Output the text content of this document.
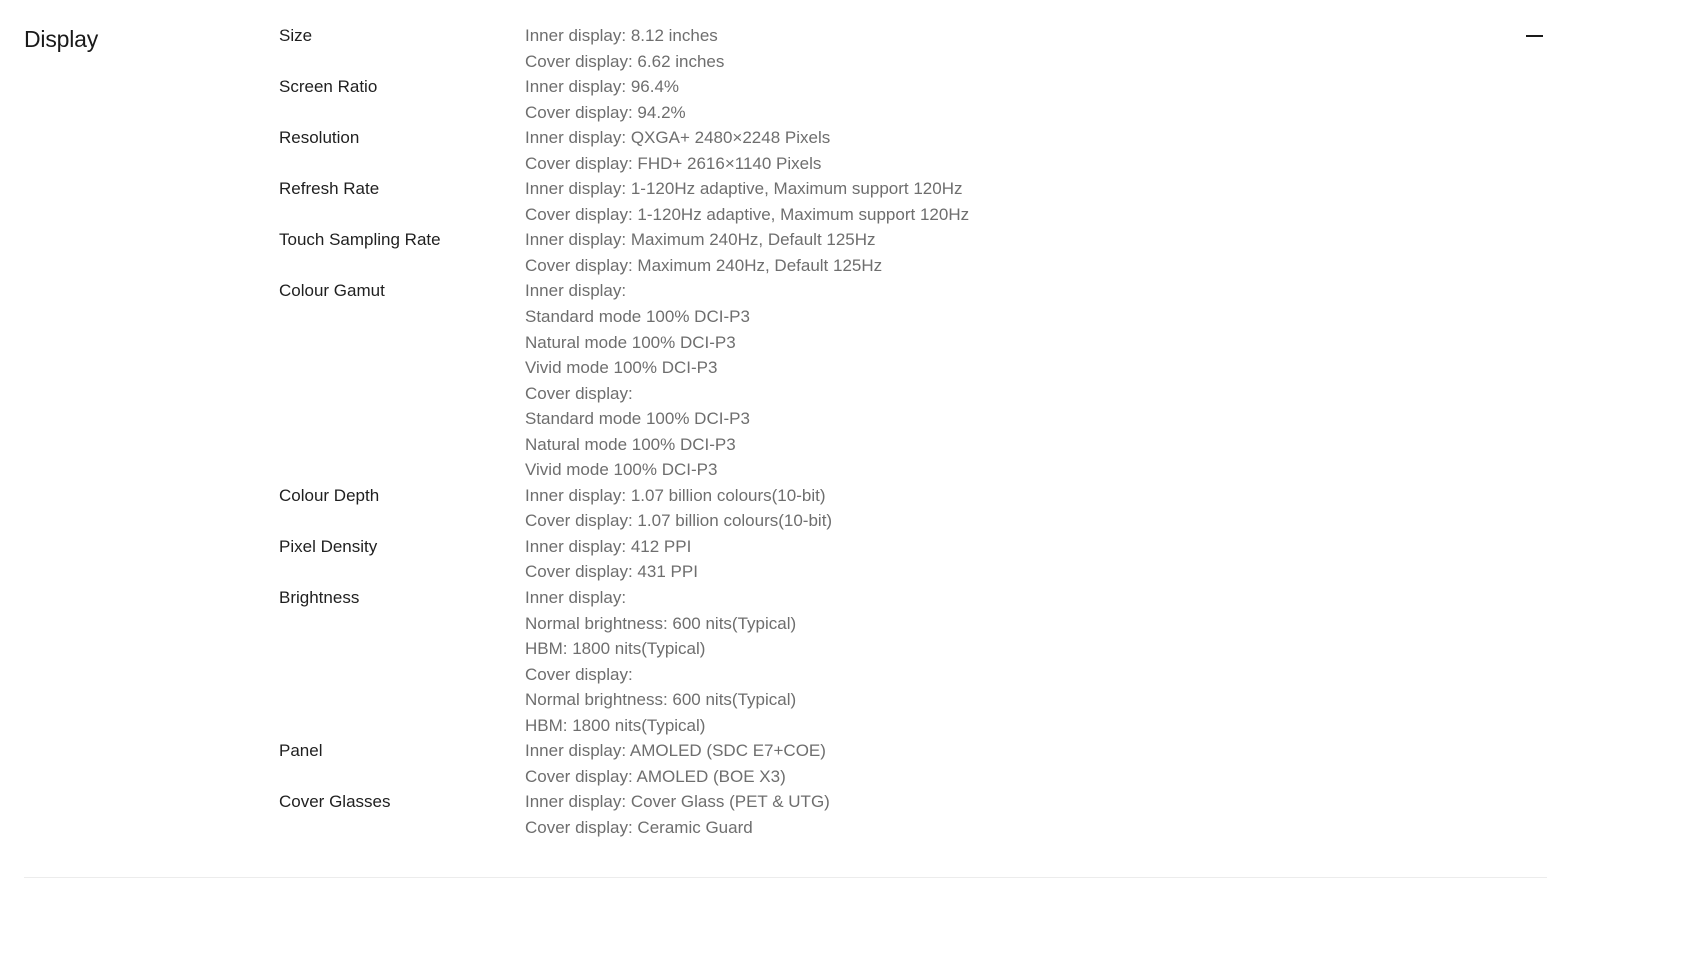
Display	Size	Inner display: 8.12 inches
Cover display: 6.62 inches
Screen Ratio	Inner display: 96.4%
Cover display: 94.2%
Resolution	Inner display: QXGA+ 2480×2248 Pixels
Cover display: FHD+ 2616×1140 Pixels
Refresh Rate	Inner display: 1-120Hz adaptive, Maximum support 120Hz
Cover display: 1-120Hz adaptive, Maximum support 120Hz
Touch Sampling Rate	Inner display: Maximum 240Hz, Default 125Hz
Cover display: Maximum 240Hz, Default 125Hz
Colour Gamut	Inner display:
Standard mode 100% DCI-P3
Natural mode 100% DCI-P3
Vivid mode 100% DCI-P3
Cover display:
Standard mode 100% DCI-P3
Natural mode 100% DCI-P3
Vivid mode 100% DCI-P3
Colour Depth	Inner display: 1.07 billion colours(10-bit)
Cover display: 1.07 billion colours(10-bit)
Pixel Density	Inner display: 412 PPI
Cover display: 431 PPI
Brightness	Inner display:
Normal brightness: 600 nits(Typical)
HBM: 1800 nits(Typical)
Cover display:
Normal brightness: 600 nits(Typical)
HBM: 1800 nits(Typical)
Panel	Inner display: AMOLED (SDC E7+COE)
Cover display: AMOLED (BOE X3)
Cover Glasses	Inner display: Cover Glass (PET & UTG)
Cover display: Ceramic Guard
